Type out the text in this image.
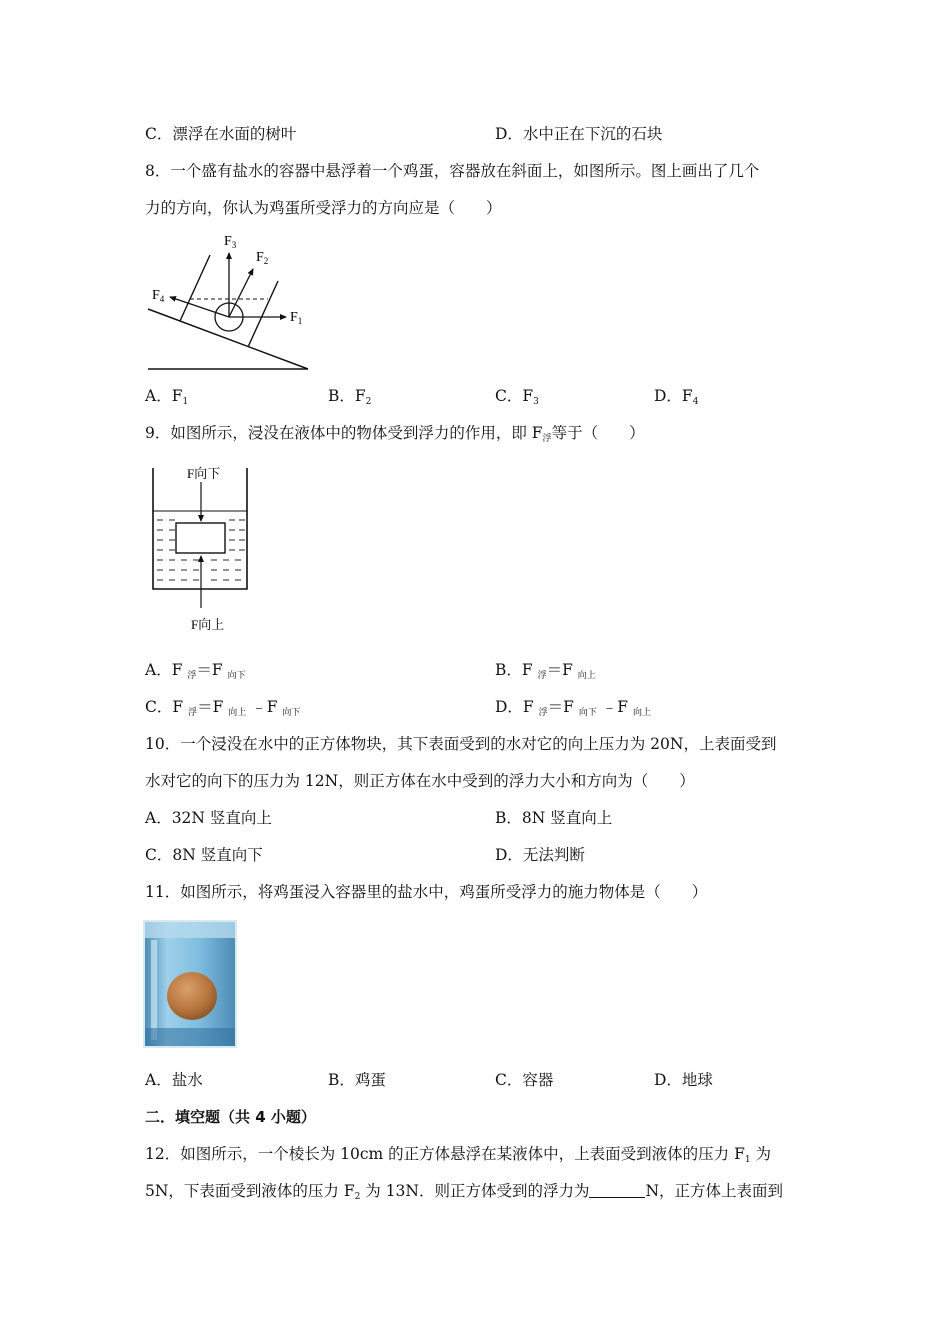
C．漂浮在水面的树叶	D．水中正在下沉的石块
8．一个盛有盐水的容器中悬浮着一个鸡蛋，容器放在斜面上，如图所示。图上画出了几个
力的方向，你认为鸡蛋所受浮力的方向应是（　　）
$F_3$
$F_2$
$F_1$
$F_4$
A．$F_1$	B．$F_2$	C．$F_3$	D．$F_4$
9．如图所示，浸没在液体中的物体受到浮力的作用，即 $F_浮$等于（　　）
F向下
F向上
A．F $_浮$＝F $_{向下}$	B．F $_浮$＝F $_{向上}$
C．F $_浮$＝F $_{向上}$ ﹣F $_{向下}$	D．F $_浮$＝F $_{向下}$ ﹣F $_{向上}$
10．一个浸没在水中的正方体物块，其下表面受到的水对它的向上压力为 20N，上表面受到
水对它的向下的压力为 12N，则正方体在水中受到的浮力大小和方向为（　　）
A．32N 竖直向上	B．8N 竖直向上
C．8N 竖直向下	D．无法判断
11．如图所示，将鸡蛋浸入容器里的盐水中，鸡蛋所受浮力的施力物体是（　　）
A．盐水	B．鸡蛋	C．容器	D．地球
二．填空题（共 4 小题）
12．如图所示，一个棱长为 10cm 的正方体悬浮在某液体中，上表面受到液体的压力 $F_1$ 为
5N，下表面受到液体的压力 $F_2$ 为 13N．则正方体受到的浮力为	N，正方体上表面到
